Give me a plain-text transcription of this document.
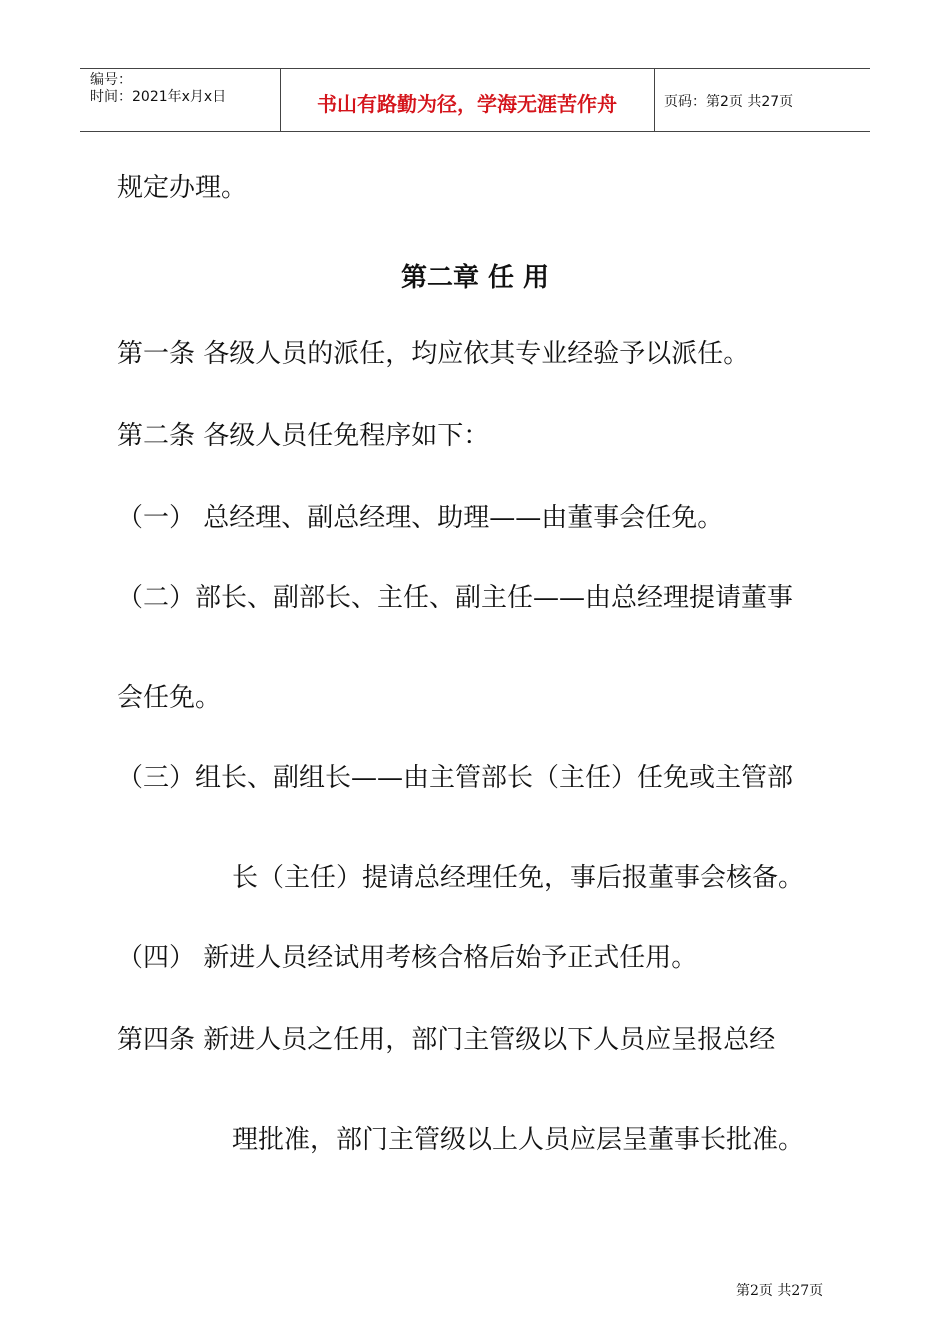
编号：
时间：2021年x月x日	书山有路勤为径，学海无涯苦作舟	页码：第2页 共27页
规定办理。
第二章 任 用
第一条 各级人员的派任，均应依其专业经验予以派任。
第二条 各级人员任免程序如下：
（一） 总经理、副总经理、助理——由董事会任免。
（二）部长、副部长、主任、副主任——由总经理提请董事
会任免。
（三）组长、副组长——由主管部长（主任）任免或主管部
长（主任）提请总经理任免，事后报董事会核备。
（四） 新进人员经试用考核合格后始予正式任用。
第四条 新进人员之任用，部门主管级以下人员应呈报总经
理批准，部门主管级以上人员应层呈董事长批准。
第2页 共27页
